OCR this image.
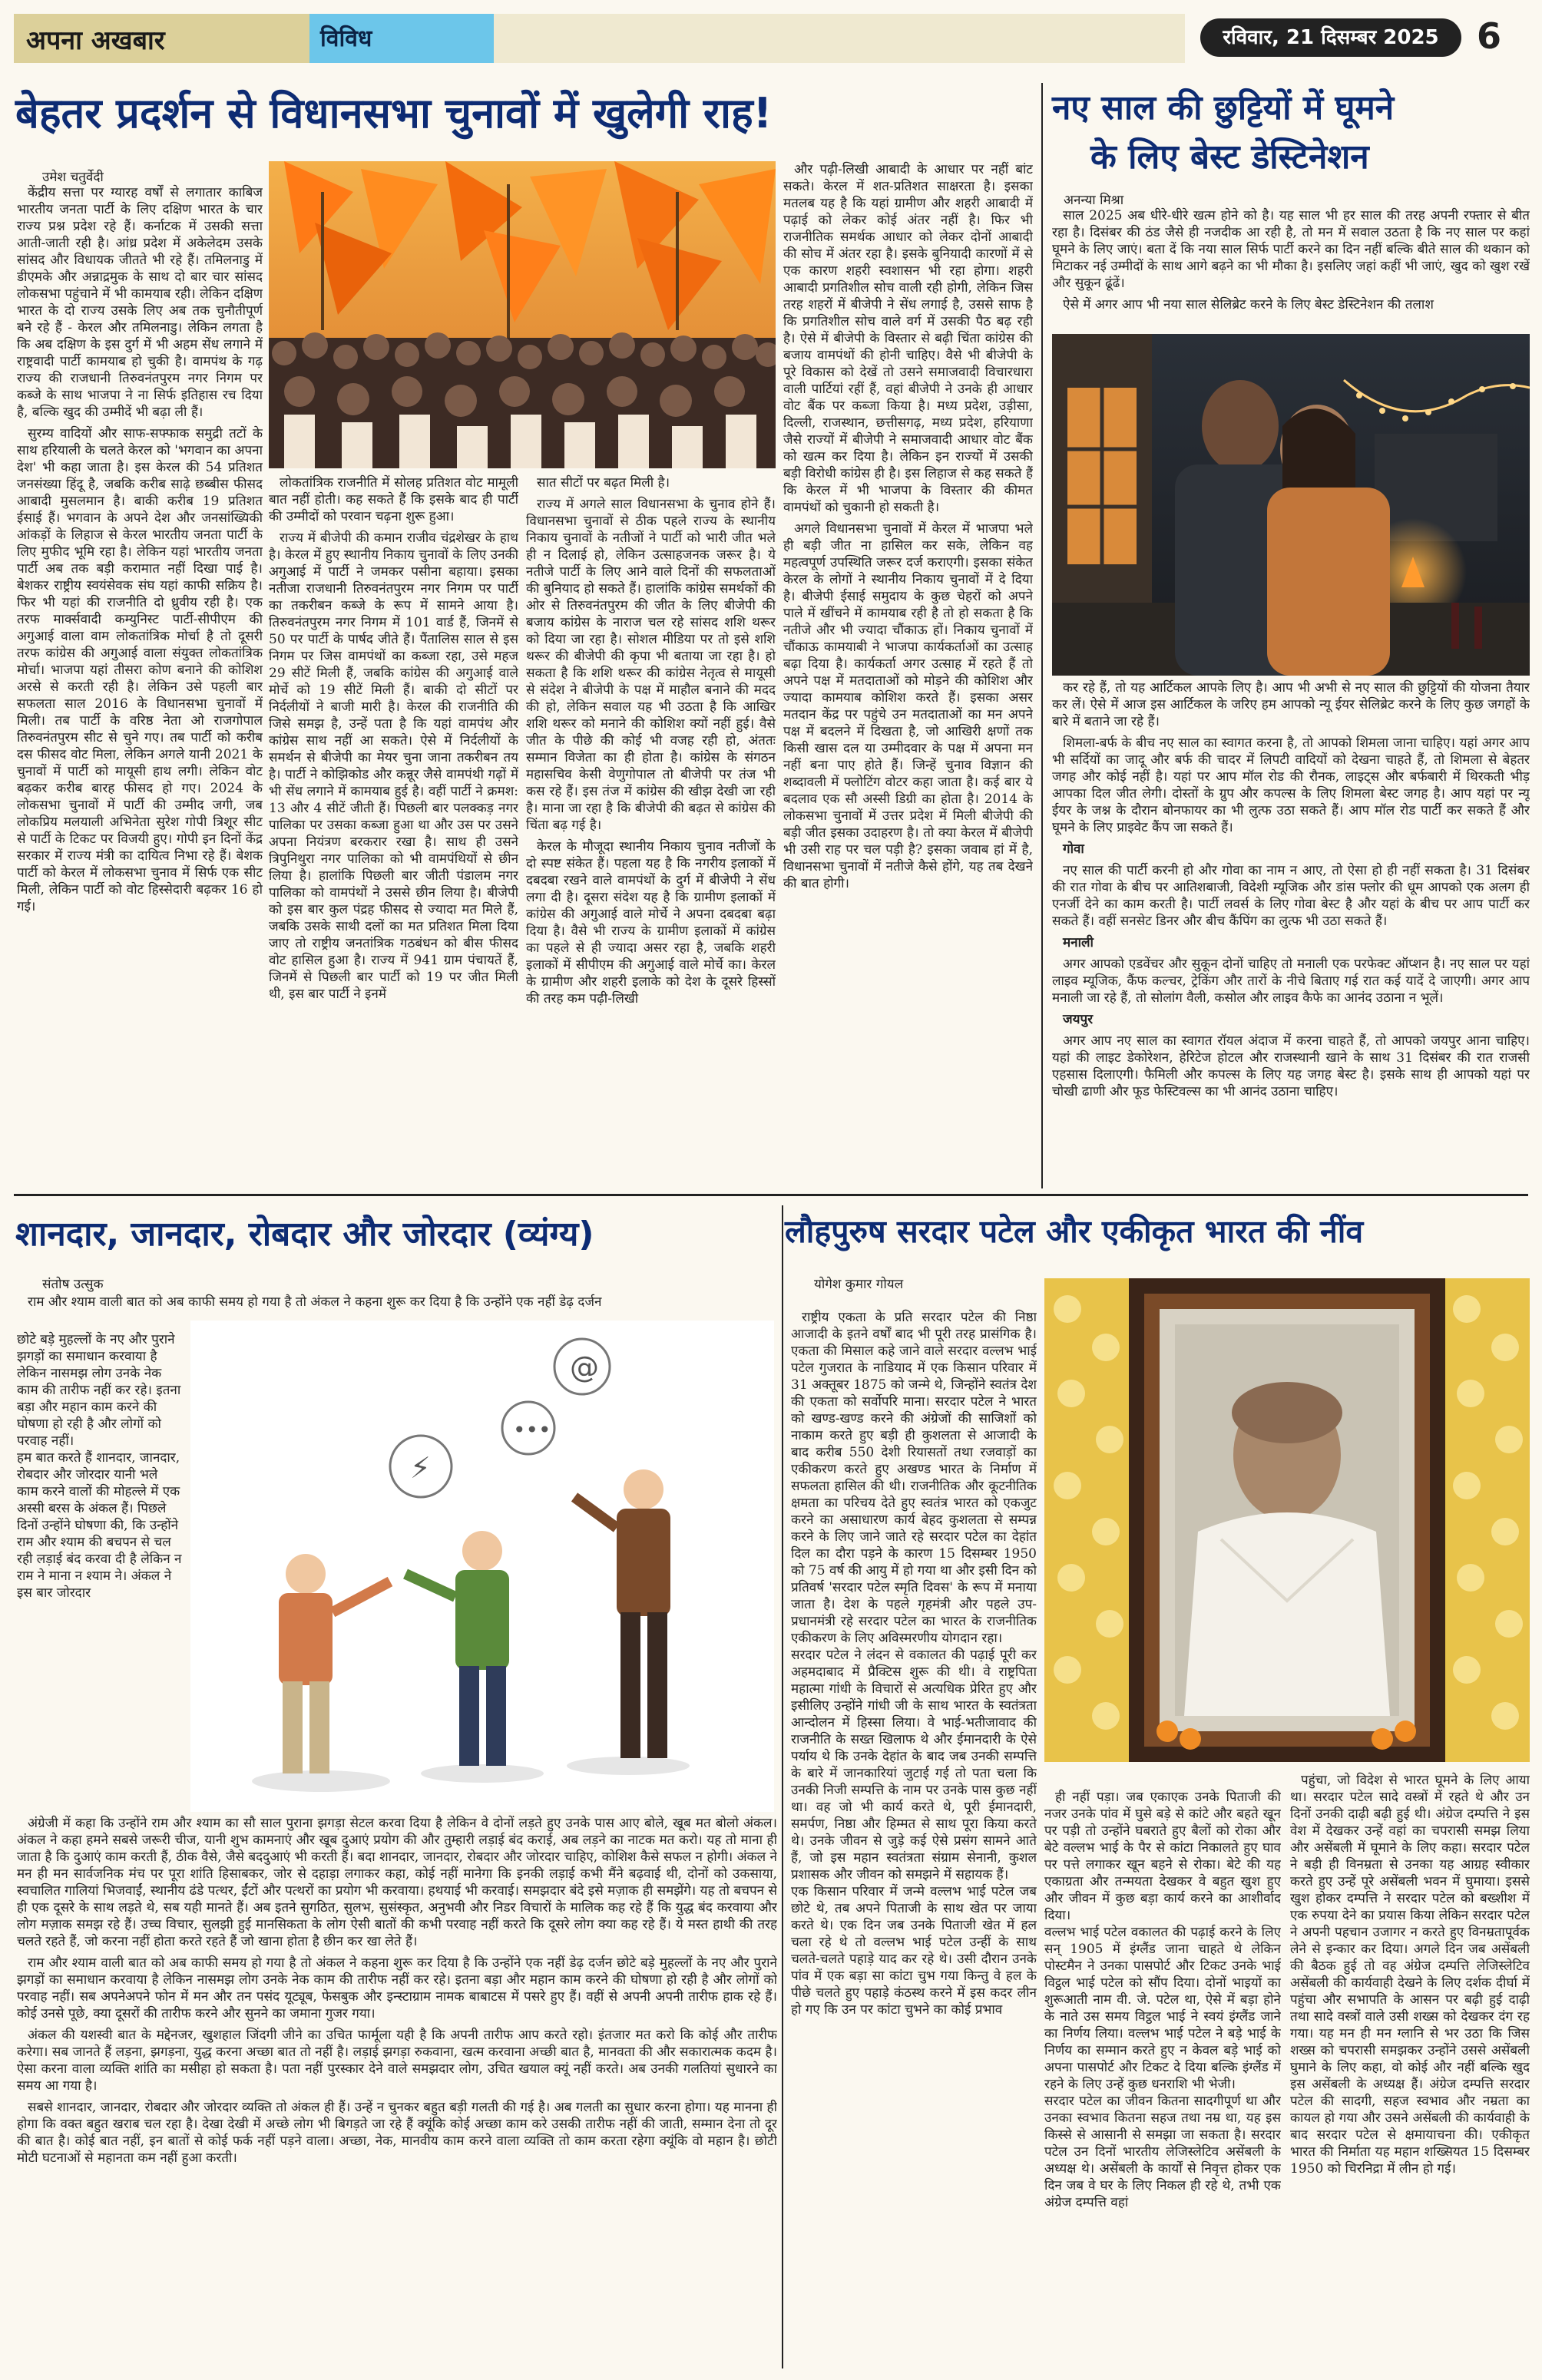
अपना अखबार	विविध	रविवार, 21 दिसम्बर 2025	6
बेहतर प्रदर्शन से विधानसभा चुनावों में खुलेगी राह!
उमेश चतुर्वेदी

केंद्रीय सत्ता पर ग्यारह वर्षों से लगातार काबिज भारतीय जनता पार्टी के लिए दक्षिण भारत के चार राज्य प्रश्न प्रदेश रहे हैं। कर्नाटक में उसकी सत्ता आती-जाती रही है। आंध्र प्रदेश में अकेलेदम उसके सांसद और विधायक जीतते भी रहे हैं। तमिलनाडु में डीएमके और अन्नाद्रमुक के साथ दो बार चार सांसद लोकसभा पहुंचाने में भी कामयाब रही। लेकिन दक्षिण भारत के दो राज्य उसके लिए अब तक चुनौतीपूर्ण बने रहे हैं - केरल और तमिलनाडु। लेकिन लगता है कि अब दक्षिण के इस दुर्ग में भी अहम सेंध लगाने में राष्ट्रवादी पार्टी कामयाब हो चुकी है। वामपंथ के गढ़ राज्य की राजधानी तिरुवनंतपुरम नगर निगम पर कब्जे के साथ भाजपा ने ना सिर्फ इतिहास रच दिया है, बल्कि खुद की उम्मीदें भी बढ़ा ली हैं।

सुरम्य वादियों और साफ-सफ्फाक समुद्री तटों के साथ हरियाली के चलते केरल को 'भगवान का अपना देश' भी कहा जाता है। इस केरल की 54 प्रतिशत जनसंख्या हिंदू है, जबकि करीब साढ़े छब्बीस फीसद आबादी मुसलमान है। बाकी करीब 19 प्रतिशत ईसाई हैं। भगवान के अपने देश और जनसांख्यिकी आंकड़ों के लिहाज से केरल भारतीय जनता पार्टी के लिए मुफीद भूमि रहा है। लेकिन यहां भारतीय जनता पार्टी अब तक बड़ी करामात नहीं दिखा पाई है। बेशकर राष्ट्रीय स्वयंसेवक संघ यहां काफी सक्रिय है। फिर भी यहां की राजनीति दो ध्रुवीय रही है। एक तरफ मार्क्सवादी कम्युनिस्ट पार्टी-सीपीएम की अगुआई वाला वाम लोकतांत्रिक मोर्चा है तो दूसरी तरफ कांग्रेस की अगुआई वाला संयुक्त लोकतांत्रिक मोर्चा। भाजपा यहां तीसरा कोण बनाने की कोशिश अरसे से करती रही है। लेकिन उसे पहली बार सफलता साल 2016 के विधानसभा चुनावों में मिली। तब पार्टी के वरिष्ठ नेता ओ राजगोपाल तिरुवनंतपुरम सीट से चुने गए। तब पार्टी को करीब दस फीसद वोट मिला, लेकिन अगले यानी 2021 के चुनावों में पार्टी को मायूसी हाथ लगी। लेकिन वोट बढ़कर करीब बारह फीसद हो गए। 2024 के लोकसभा चुनावों में पार्टी की उम्मीद जगी, जब लोकप्रिय मलयाली अभिनेता सुरेश गोपी त्रिशूर सीट से पार्टी के टिकट पर विजयी हुए। गोपी इन दिनों केंद्र सरकार में राज्य मंत्री का दायित्व निभा रहे हैं। बेशक पार्टी को केरल में लोकसभा चुनाव में सिर्फ एक सीट मिली, लेकिन पार्टी को वोट हिस्सेदारी बढ़कर 16 हो गई।

लोकतांत्रिक राजनीति में सोलह प्रतिशत वोट मामूली बात नहीं होती। कह सकते हैं कि इसके बाद ही पार्टी की उम्मीदों को परवान चढ़ना शुरू हुआ।

राज्य में बीजेपी की कमान राजीव चंद्रशेखर के हाथ है। केरल में हुए स्थानीय निकाय चुनावों के लिए उनकी अगुआई में पार्टी ने जमकर पसीना बहाया। इसका नतीजा राजधानी तिरुवनंतपुरम नगर निगम पर पार्टी का तकरीबन कब्जे के रूप में सामने आया है। तिरुवनंतपुरम नगर निगम में 101 वार्ड हैं, जिनमें से 50 पर पार्टी के पार्षद जीते हैं। पैंतालिस साल से इस निगम पर जिस वामपंथों का कब्जा रहा, उसे महज 29 सीटें मिली हैं, जबकि कांग्रेस की अगुआई वाले मोर्चे को 19 सीटें मिली हैं। बाकी दो सीटों पर निर्दलीयों ने बाजी मारी है। केरल की राजनीति की जिसे समझ है, उन्हें पता है कि यहां वामपंथ और कांग्रेस साथ नहीं आ सकते। ऐसे में निर्दलीयों के समर्थन से बीजेपी का मेयर चुना जाना तकरीबन तय है। पार्टी ने कोझिकोड और कन्नूर जैसे वामपंथी गढ़ों में भी सेंध लगाने में कामयाब हुई है। वहीं पार्टी ने क्रमश: 13 और 4 सीटें जीती हैं। पिछली बार पलक्कड़ नगर पालिका पर उसका कब्जा हुआ था और उस पर उसने अपना नियंत्रण बरकरार रखा है। साथ ही उसने त्रिपुनिथुरा नगर पालिका को भी वामपंथियों से छीन लिया है। हालांकि पिछली बार जीती पंडालम नगर पालिका को वामपंथों ने उससे छीन लिया है। बीजेपी को इस बार कुल पंद्रह फीसद से ज्यादा मत मिले हैं, जबकि उसके साथी दलों का मत प्रतिशत मिला दिया जाए तो राष्ट्रीय जनतांत्रिक गठबंधन को बीस फीसद वोट हासिल हुआ है। राज्य में 941 ग्राम पंचायतें हैं, जिनमें से पिछली बार पार्टी को 19 पर जीत मिली थी, इस बार पार्टी ने इनमें

सात सीटों पर बढ़त मिली है।

राज्य में अगले साल विधानसभा के चुनाव होने हैं। विधानसभा चुनावों से ठीक पहले राज्य के स्थानीय निकाय चुनावों के नतीजों ने पार्टी को भारी जीत भले ही न दिलाई हो, लेकिन उत्साहजनक जरूर है। ये नतीजे पार्टी के लिए आने वाले दिनों की सफलताओं की बुनियाद हो सकते हैं। हालांकि कांग्रेस समर्थकों की ओर से तिरुवनंतपुरम की जीत के लिए बीजेपी की बजाय कांग्रेस के नाराज चल रहे सांसद शशि थरूर को दिया जा रहा है। सोशल मीडिया पर तो इसे शशि थरूर की बीजेपी की कृपा भी बताया जा रहा है। हो सकता है कि शशि थरूर की कांग्रेस नेतृत्व से मायूसी से संदेश ने बीजेपी के पक्ष में माहौल बनाने की मदद की हो, लेकिन सवाल यह भी उठता है कि आखिर शशि थरूर को मनाने की कोशिश क्यों नहीं हुई। वैसे जीत के पीछे की कोई भी वजह रही हो, अंततः सम्मान विजेता का ही होता है। कांग्रेस के संगठन महासचिव केसी वेणुगोपाल तो बीजेपी पर तंज भी कस रहे हैं। इस तंज में कांग्रेस की खीझ देखी जा रही है। माना जा रहा है कि बीजेपी की बढ़त से कांग्रेस की चिंता बढ़ गई है।

केरल के मौजूदा स्थानीय निकाय चुनाव नतीजों के दो स्पष्ट संकेत हैं। पहला यह है कि नगरीय इलाकों में दबदबा रखने वाले वामपंथों के दुर्ग में बीजेपी ने सेंध लगा दी है। दूसरा संदेश यह है कि ग्रामीण इलाकों में कांग्रेस की अगुआई वाले मोर्चे ने अपना दबदबा बढ़ा दिया है। वैसे भी राज्य के ग्रामीण इलाकों में कांग्रेस का पहले से ही ज्यादा असर रहा है, जबकि शहरी इलाकों में सीपीएम की अगुआई वाले मोर्चे का। केरल के ग्रामीण और शहरी इलाके को देश के दूसरे हिस्सों की तरह कम पढ़ी-लिखी

और पढ़ी-लिखी आबादी के आधार पर नहीं बांट सकते। केरल में शत-प्रतिशत साक्षरता है। इसका मतलब यह है कि यहां ग्रामीण और शहरी आबादी में पढ़ाई को लेकर कोई अंतर नहीं है। फिर भी राजनीतिक समर्थक आधार को लेकर दोनों आबादी की सोच में अंतर रहा है। इसके बुनियादी कारणों में से एक कारण शहरी स्वशासन भी रहा होगा। शहरी आबादी प्रगतिशील सोच वाली रही होगी, लेकिन जिस तरह शहरों में बीजेपी ने सेंध लगाई है, उससे साफ है कि प्रगतिशील सोच वाले वर्ग में उसकी पैठ बढ़ रही है। ऐसे में बीजेपी के विस्तार से बढ़ी चिंता कांग्रेस की बजाय वामपंथों की होनी चाहिए। वैसे भी बीजेपी के पूरे विकास को देखें तो उसने समाजवादी विचारधारा वाली पार्टियां रहीं हैं, वहां बीजेपी ने उनके ही आधार वोट बैंक पर कब्जा किया है। मध्य प्रदेश, उड़ीसा, दिल्ली, राजस्थान, छत्तीसगढ़, मध्य प्रदेश, हरियाणा जैसे राज्यों में बीजेपी ने समाजवादी आधार वोट बैंक को खत्म कर दिया है। लेकिन इन राज्यों में उसकी बड़ी विरोधी कांग्रेस ही है। इस लिहाज से कह सकते हैं कि केरल में भी भाजपा के विस्तार की कीमत वामपंथों को चुकानी हो सकती है।

अगले विधानसभा चुनावों में केरल में भाजपा भले ही बड़ी जीत ना हासिल कर सके, लेकिन वह महत्वपूर्ण उपस्थिति जरूर दर्ज कराएगी। इसका संकेत केरल के लोगों ने स्थानीय निकाय चुनावों में दे दिया है। बीजेपी ईसाई समुदाय के कुछ चेहरों को अपने पाले में खींचने में कामयाब रही है तो हो सकता है कि नतीजे और भी ज्यादा चौंकाऊ हों। निकाय चुनावों में चौंकाऊ कामयाबी ने भाजपा कार्यकर्ताओं का उत्साह बढ़ा दिया है। कार्यकर्ता अगर उत्साह में रहते हैं तो अपने पक्ष में मतदाताओं को मोड़ने की कोशिश और ज्यादा कामयाब कोशिश करते हैं। इसका असर मतदान केंद्र पर पहुंचे उन मतदाताओं का मन अपने पक्ष में बदलने में दिखता है, जो आखिरी क्षणों तक किसी खास दल या उम्मीदवार के पक्ष में अपना मन नहीं बना पाए होते हैं। जिन्हें चुनाव विज्ञान की शब्दावली में फ्लोटिंग वोटर कहा जाता है। कई बार ये बदलाव एक सौ अस्सी डिग्री का होता है। 2014 के लोकसभा चुनावों में उत्तर प्रदेश में मिली बीजेपी की बड़ी जीत इसका उदाहरण है। तो क्या केरल में बीजेपी भी उसी राह पर चल पड़ी है? इसका जवाब हां में है, विधानसभा चुनावों में नतीजे कैसे होंगे, यह तब देखने की बात होगी।

नए साल की छुट्टियों में घूमने
के लिए बेस्ट डेस्टिनेशन
अनन्या मिश्रा

साल 2025 अब धीरे-धीरे खत्म होने को है। यह साल भी हर साल की तरह अपनी रफ्तार से बीत रहा है। दिसंबर की ठंड जैसे ही नजदीक आ रही है, तो मन में सवाल उठता है कि नए साल पर कहां घूमने के लिए जाएं। बता दें कि नया साल सिर्फ पार्टी करने का दिन नहीं बल्कि बीते साल की थकान को मिटाकर नई उम्मीदों के साथ आगे बढ़ने का भी मौका है। इसलिए जहां कहीं भी जाएं, खुद को खुश रखें और सुकून ढूंढें।

ऐसे में अगर आप भी नया साल सेलिब्रेट करने के लिए बेस्ट डेस्टिनेशन की तलाश

कर रहे हैं, तो यह आर्टिकल आपके लिए है। आप भी अभी से नए साल की छुट्टियों की योजना तैयार कर लें। ऐसे में आज इस आर्टिकल के जरिए हम आपको न्यू ईयर सेलिब्रेट करने के लिए कुछ जगहों के बारे में बताने जा रहे हैं।

शिमला-बर्फ के बीच नए साल का स्वागत करना है, तो आपको शिमला जाना चाहिए। यहां अगर आप भी सर्दियों का जादू और बर्फ की चादर में लिपटी वादियों को देखना चाहते हैं, तो शिमला से बेहतर जगह और कोई नहीं है। यहां पर आप मॉल रोड की रौनक, लाइट्स और बर्फबारी में थिरकती भीड़ आपका दिल जीत लेगी। दोस्तों के ग्रुप और कपल्स के लिए शिमला बेस्ट जगह है। आप यहां पर न्यू ईयर के जश्न के दौरान बोनफायर का भी लुत्फ उठा सकते हैं। आप मॉल रोड पार्टी कर सकते हैं और घूमने के लिए प्राइवेट कैंप जा सकते हैं।

गोवा

नए साल की पार्टी करनी हो और गोवा का नाम न आए, तो ऐसा हो ही नहीं सकता है। 31 दिसंबर की रात गोवा के बीच पर आतिशबाजी, विदेशी म्यूजिक और डांस फ्लोर की धूम आपको एक अलग ही एनर्जी देने का काम करती है। पार्टी लवर्स के लिए गोवा बेस्ट है और यहां के बीच पर आप पार्टी कर सकते हैं। वहीं सनसेट डिनर और बीच कैंपिंग का लुत्फ भी उठा सकते हैं।

मनाली

अगर आपको एडवेंचर और सुकून दोनों चाहिए तो मनाली एक परफेक्ट ऑप्शन है। नए साल पर यहां लाइव म्यूजिक, कैंफ कल्चर, ट्रेकिंग और तारों के नीचे बिताए गई रात कई यादें दे जाएगी। अगर आप मनाली जा रहे हैं, तो सोलांग वैली, कसोल और लाइव कैफे का आनंद उठाना न भूलें।

जयपुर

अगर आप नए साल का स्वागत रॉयल अंदाज में करना चाहते हैं, तो आपको जयपुर आना चाहिए। यहां की लाइट डेकोरेशन, हेरिटेज होटल और राजस्थानी खाने के साथ 31 दिसंबर की रात राजसी एहसास दिलाएगी। फैमिली और कपल्स के लिए यह जगह बेस्ट है। इसके साथ ही आपको यहां पर चोखी ढाणी और फूड फेस्टिवल्स का भी आनंद उठाना चाहिए।

शानदार, जानदार, रोबदार और जोरदार (व्यंग्य)
संतोष उत्सुक

राम और श्याम वाली बात को अब काफी समय हो गया है तो अंकल ने कहना शुरू कर दिया है कि उन्होंने एक नहीं डेढ़ दर्जन

छोटे बड़े मुहल्लों के नए और पुराने झगड़ों का समाधान करवाया है लेकिन नासमझ लोग उनके नेक काम की तारीफ नहीं कर रहे। इतना बड़ा और महान काम करने की घोषणा हो रही है और लोगों को परवाह नहीं।
हम बात करते हैं शानदार, जानदार, रोबदार और जोरदार यानी भले काम करने वालों की मोहल्ले में एक अस्सी बरस के अंकल हैं। पिछले दिनों उन्होंने घोषणा की, कि उन्होंने राम और श्याम की बचपन से चल रही लड़ाई बंद करवा दी है लेकिन न राम ने माना न श्याम ने। अंकल ने इस बार जोरदार

⚡
•••
@

अंग्रेजी में कहा कि उन्होंने राम और श्याम का सौ साल पुराना झगड़ा सेटल करवा दिया है लेकिन वे दोनों लड़ते हुए उनके पास आए बोले, खूब मत बोलो अंकल। अंकल ने कहा हमने सबसे जरूरी चीज, यानी शुभ कामनाएं और खूब दुआएं प्रयोग की और तुम्हारी लड़ाई बंद कराई, अब लड़ने का नाटक मत करो। यह तो माना ही जाता है कि दुआएं काम करती हैं, ठीक वैसे, जैसे बददुआएं भी करती हैं। बदा शानदार, जानदार, रोबदार और जोरदार चाहिए, कोशिश कैसे सफल न होगी। अंकल ने मन ही मन सार्वजनिक मंच पर पूरा शांति हिसाबकर, जोर से दहाड़ा लगाकर कहा, कोई नहीं मानेगा कि इनकी लड़ाई कभी मैंने बढ़वाई थी, दोनों को उकसाया, स्वचालित गालियां भिजवाईं, स्थानीय ढंडे पत्थर, ईंटों और पत्थरों का प्रयोग भी करवाया। हथयाई भी करवाई। समझदार बंदे इसे मज़ाक ही समझेंगे। यह तो बचपन से ही एक दूसरे के साथ लड़ते थे, सब यही मानते हैं। अब इतने सुगठित, सुलभ, सुसंस्कृत, अनुभवी और निडर विचारों के मालिक कह रहे हैं कि युद्ध बंद करवाया और लोग मज़ाक समझ रहे हैं। उच्च विचार, सुलझी हुई मानसिकता के लोग ऐसी बातों की कभी परवाह नहीं करते कि दूसरे लोग क्या कह रहे हैं। ये मस्त हाथी की तरह चलते रहते हैं, जो करना नहीं होता करते रहते हैं जो खाना होता है छीन कर खा लेते हैं।

राम और श्याम वाली बात को अब काफी समय हो गया है तो अंकल ने कहना शुरू कर दिया है कि उन्होंने एक नहीं डेढ़ दर्जन छोटे बड़े मुहल्लों के नए और पुराने झगड़ों का समाधान करवाया है लेकिन नासमझ लोग उनके नेक काम की तारीफ नहीं कर रहे। इतना बड़ा और महान काम करने की घोषणा हो रही है और लोगों को परवाह नहीं। सब अपनेअपने फोन में मन और तन पसंद यूट्यूब, फेसबुक और इन्स्टाग्राम नामक बाबाटस में पसरे हुए हैं। वहीं से अपनी अपनी तारीफ हाक रहे हैं। कोई उनसे पूछे, क्या दूसरों की तारीफ करने और सुनने का जमाना गुजर गया।

अंकल की यशस्वी बात के मद्देनजर, खुशहाल जिंदगी जीने का उचित फार्मूला यही है कि अपनी तारीफ आप करते रहो। इंतजार मत करो कि कोई और तारीफ करेगा। सब जानते हैं लड़ना, झगड़ना, युद्ध करना अच्छा बात तो नहीं है। लड़ाई झगड़ा रुकवाना, खत्म करवाना अच्छी बात है, मानवता की और सकारात्मक कदम है। ऐसा करना वाला व्यक्ति शांति का मसीहा हो सकता है। पता नहीं पुरस्कार देने वाले समझदार लोग, उचित खयाल क्यूं नहीं करते। अब उनकी गलतियां सुधारने का समय आ गया है।

सबसे शानदार, जानदार, रोबदार और जोरदार व्यक्ति तो अंकल ही हैं। उन्हें न चुनकर बहुत बड़ी गलती की गई है। अब गलती का सुधार करना होगा। यह मानना ही होगा कि वक्त बहुत खराब चल रहा है। देखा देखी में अच्छे लोग भी बिगड़ते जा रहे हैं क्यूंकि कोई अच्छा काम करे उसकी तारीफ नहीं की जाती, सम्मान देना तो दूर की बात है। कोई बात नहीं, इन बातों से कोई फर्क नहीं पड़ने वाला। अच्छा, नेक, मानवीय काम करने वाला व्यक्ति तो काम करता रहेगा क्यूंकि वो महान है। छोटी मोटी घटनाओं से महानता कम नहीं हुआ करती।

लौहपुरुष सरदार पटेल और एकीकृत भारत की नींव
योगेश कुमार गोयल

राष्ट्रीय एकता के प्रति सरदार पटेल की निष्ठा आजादी के इतने वर्षों बाद भी पूरी तरह प्रासंगिक है। एकता की मिसाल कहे जाने वाले सरदार वल्लभ भाई पटेल गुजरात के नाडियाद में एक किसान परिवार में 31 अक्तूबर 1875 को जन्मे थे, जिन्होंने स्वतंत्र देश की एकता को सर्वोपरि माना। सरदार पटेल ने भारत को खण्ड-खण्ड करने की अंग्रेजों की साजिशों को नाकाम करते हुए बड़ी ही कुशलता से आजादी के बाद करीब 550 देशी रियासतों तथा रजवाड़ों का एकीकरण करते हुए अखण्ड भारत के निर्माण में सफलता हासिल की थी। राजनीतिक और कूटनीतिक क्षमता का परिचय देते हुए स्वतंत्र भारत को एकजुट करने का असाधारण कार्य बेहद कुशलता से सम्पन्न करने के लिए जाने जाते रहे सरदार पटेल का देहांत दिल का दौरा पड़ने के कारण 15 दिसम्बर 1950 को 75 वर्ष की आयु में हो गया था और इसी दिन को प्रतिवर्ष 'सरदार पटेल स्मृति दिवस' के रूप में मनाया जाता है। देश के पहले गृहमंत्री और पहले उप-प्रधानमंत्री रहे सरदार पटेल का भारत के राजनीतिक एकीकरण के लिए अविस्मरणीय योगदान रहा।
सरदार पटेल ने लंदन से वकालत की पढ़ाई पूरी कर अहमदाबाद में प्रैक्टिस शुरू की थी। वे राष्ट्रपिता महात्मा गांधी के विचारों से अत्यधिक प्रेरित हुए और इसीलिए उन्होंने गांधी जी के साथ भारत के स्वतंत्रता आन्दोलन में हिस्सा लिया। वे भाई-भतीजावाद की राजनीति के सख्त खिलाफ थे और ईमानदारी के ऐसे पर्याय थे कि उनके देहांत के बाद जब उनकी सम्पत्ति के बारे में जानकारियां जुटाई गई तो पता चला कि उनकी निजी सम्पत्ति के नाम पर उनके पास कुछ नहीं था। वह जो भी कार्य करते थे, पूरी ईमानदारी, समर्पण, निष्ठा और हिम्मत से साथ पूरा किया करते थे। उनके जीवन से जुड़े कई ऐसे प्रसंग सामने आते हैं, जो इस महान स्वतंत्रता संग्राम सेनानी, कुशल प्रशासक और जीवन को समझने में सहायक हैं।
एक किसान परिवार में जन्मे वल्लभ भाई पटेल जब छोटे थे, तब अपने पिताजी के साथ खेत पर जाया करते थे। एक दिन जब उनके पिताजी खेत में हल चला रहे थे तो वल्लभ भाई पटेल उन्हीं के साथ चलते-चलते पहाड़े याद कर रहे थे। उसी दौरान उनके पांव में एक बड़ा सा कांटा चुभ गया किन्तु वे हल के पीछे चलते हुए पहाड़े कंठस्थ करने में इस कदर लीन हो गए कि उन पर कांटा चुभने का कोई प्रभाव

ही नहीं पड़ा। जब एकाएक उनके पिताजी की नजर उनके पांव में घुसे बड़े से कांटे और बहते खून पर पड़ी तो उन्होंने घबराते हुए बैलों को रोका और बेटे वल्लभ भाई के पैर से कांटा निकालते हुए घाव पर पत्ते लगाकर खून बहने से रोका। बेटे की यह एकाग्रता और तन्मयता देखकर वे बहुत खुश हुए और जीवन में कुछ बड़ा कार्य करने का आशीर्वाद दिया।
वल्लभ भाई पटेल वकालत की पढ़ाई करने के लिए सन् 1905 में इंग्लैंड जाना चाहते थे लेकिन पोस्टमैन ने उनका पासपोर्ट और टिकट उनके भाई विट्ठल भाई पटेल को सौंप दिया। दोनों भाइयों का शुरूआती नाम वी. जे. पटेल था, ऐसे में बड़ा होने के नाते उस समय विट्ठल भाई ने स्वयं इंग्लैंड जाने का निर्णय लिया। वल्लभ भाई पटेल ने बड़े भाई के निर्णय का सम्मान करते हुए न केवल बड़े भाई को अपना पासपोर्ट और टिकट दे दिया बल्कि इंग्लैंड में रहने के लिए उन्हें कुछ धनराशि भी भेजी।
सरदार पटेल का जीवन कितना सादगीपूर्ण था और उनका स्वभाव कितना सहज तथा नम्र था, यह इस किस्से से आसानी से समझा जा सकता है। सरदार पटेल उन दिनों भारतीय लेजिस्लेटिव असेंबली के अध्यक्ष थे। असेंबली के कार्यों से निवृत्त होकर एक दिन जब वे घर के लिए निकल ही रहे थे, तभी एक अंग्रेज दम्पत्ति वहां

पहुंचा, जो विदेश से भारत घूमने के लिए आया था। सरदार पटेल सादे वस्त्रों में रहते थे और उन दिनों उनकी दाढ़ी बढ़ी हुई थी। अंग्रेज दम्पत्ति ने इस वेश में देखकर उन्हें वहां का चपरासी समझ लिया और असेंबली में घूमाने के लिए कहा। सरदार पटेल ने बड़ी ही विनम्रता से उनका यह आग्रह स्वीकार करते हुए उन्हें पूरे असेंबली भवन में घुमाया। इससे खुश होकर दम्पत्ति ने सरदार पटेल को बख्शीश में एक रुपया देने का प्रयास किया लेकिन सरदार पटेल ने अपनी पहचान उजागर न करते हुए विनम्रतापूर्वक लेने से इन्कार कर दिया। अगले दिन जब असेंबली की बैठक हुई तो वह अंग्रेज दम्पत्ति लेजिस्लेटिव असेंबली की कार्यवाही देखने के लिए दर्शक दीर्घा में पहुंचा और सभापति के आसन पर बढ़ी हुई दाढ़ी तथा सादे वस्त्रों वाले उसी शख्स को देखकर दंग रह गया। यह मन ही मन ग्लानि से भर उठा कि जिस शख्स को चपरासी समझकर उन्होंने उससे असेंबली घुमाने के लिए कहा, वो कोई और नहीं बल्कि खुद इस असेंबली के अध्यक्ष हैं। अंग्रेज दम्पत्ति सरदार पटेल की सादगी, सहज स्वभाव और नम्रता का कायल हो गया और उसने असेंबली की कार्यवाही के बाद सरदार पटेल से क्षमायाचना की। एकीकृत भारत की निर्माता यह महान शख्सियत 15 दिसम्बर 1950 को चिरनिद्रा में लीन हो गई।
